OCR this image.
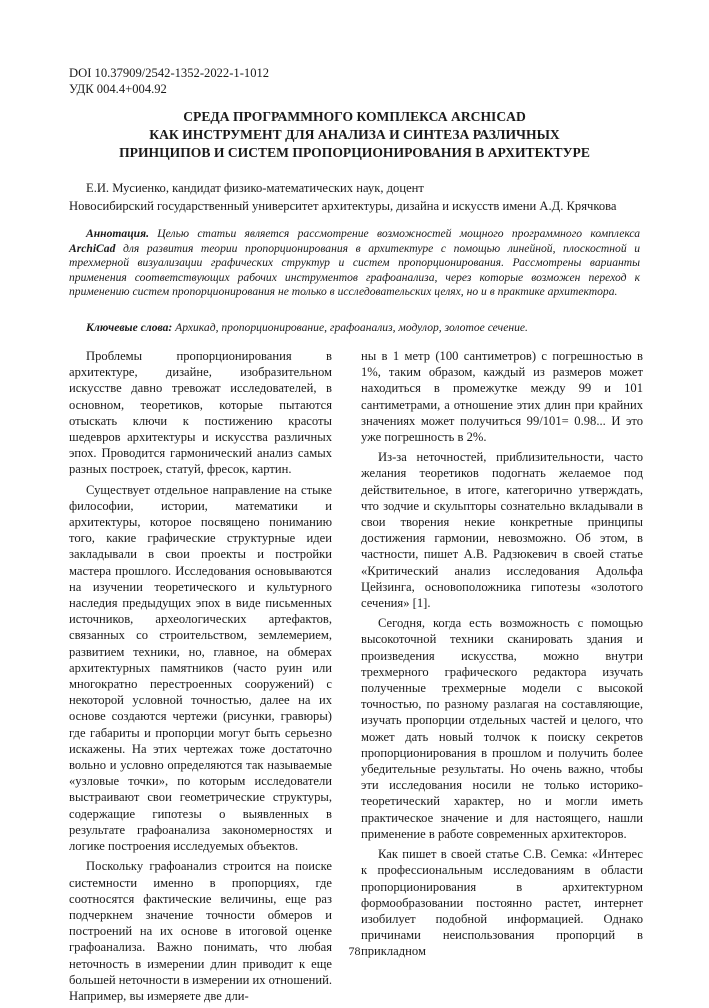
DOI 10.37909/2542-1352-2022-1-1012
УДК 004.4+004.92
СРЕДА ПРОГРАММНОГО КОМПЛЕКСА ARCHICAD
КАК ИНСТРУМЕНТ ДЛЯ АНАЛИЗА И СИНТЕЗА РАЗЛИЧНЫХ
ПРИНЦИПОВ И СИСТЕМ ПРОПОРЦИОНИРОВАНИЯ В АРХИТЕКТУРЕ
Е.И. Мусиенко, кандидат физико-математических наук, доцент
Новосибирский государственный университет архитектуры, дизайна и искусств имени А.Д. Крячкова
Аннотация. Целью статьи является рассмотрение возможностей мощного программного комплекса ArchiCad для развития теории пропорционирования в архитектуре с помощью линейной, плоскостной и трехмерной визуализации графических структур и систем пропорционирования. Рассмотрены варианты применения соответствующих рабочих инструментов графоанализа, через которые возможен переход к применению систем пропорционирования не только в исследовательских целях, но и в практике архитектора.
Ключевые слова: Архикад, пропорционирование, графоанализ, модулор, золотое сечение.

Проблемы пропорционирования в архитектуре, дизайне, изобразительном искусстве давно тревожат исследователей, в основном, теоретиков, которые пытаются отыскать ключи к постижению красоты шедевров архитектуры и искусства различных эпох. Проводится гармонический анализ самых разных построек, статуй, фресок, картин.

Существует отдельное направление на стыке философии, истории, математики и архитектуры, которое посвящено пониманию того, какие графические структурные идеи закладывали в свои проекты и постройки мастера прошлого. Исследования основываются на изучении теоретического и культурного наследия предыдущих эпох в виде письменных источников, археологических артефактов, связанных со строительством, землемерием, развитием техники, но, главное, на обмерах архитектурных памятников (часто руин или многократно перестроенных сооружений) с некоторой условной точностью, далее на их основе создаются чертежи (рисунки, гравюры) где габариты и пропорции могут быть серьезно искажены. На этих чертежах тоже достаточно вольно и условно определяются так называемые «узловые точки», по которым исследователи выстраивают свои геометрические структуры, содержащие гипотезы о выявленных в результате графоанализа закономерностях и логике построения исследуемых объектов.

Поскольку графоанализ строится на поиске системности именно в пропорциях, где соотносятся фактические величины, еще раз подчеркнем значение точности обмеров и построений на их основе в итоговой оценке графоанализа. Важно понимать, что любая неточность в измерении длин приводит к еще большей неточности в измерении их отношений. Например, вы измеряете две дли-

ны в 1 метр (100 сантиметров) с погрешностью в 1%, таким образом, каждый из размеров может находиться в промежутке между 99 и 101 сантиметрами, а отношение этих длин при крайних значениях может получиться 99/101= 0.98... И это уже погрешность в 2%.

Из-за неточностей, приблизительности, часто желания теоретиков подогнать желаемое под действительное, в итоге, категорично утверждать, что зодчие и скульпторы сознательно вкладывали в свои творения некие конкретные принципы достижения гармонии, невозможно. Об этом, в частности, пишет А.В. Радзюкевич в своей статье «Критический анализ исследования Адольфа Цейзинга, основоположника гипотезы «золотого сечения» [1].

Сегодня, когда есть возможность с помощью высокоточной техники сканировать здания и произведения искусства, можно внутри трехмерного графического редактора изучать полученные трехмерные модели с высокой точностью, по разному разлагая на составляющие, изучать пропорции отдельных частей и целого, что может дать новый толчок к поиску секретов пропорционирования в прошлом и получить более убедительные результаты. Но очень важно, чтобы эти исследования носили не только историко-теоретический характер, но и могли иметь практическое значение и для настоящего, нашли применение в работе современных архитекторов.

Как пишет в своей статье С.В. Семка: «Интерес к профессиональным исследованиям в области пропорционирования в архитектурном формообразовании постоянно растет, интернет изобилует подобной информацией. Однако причинами неиспользования пропорций в прикладном

78
